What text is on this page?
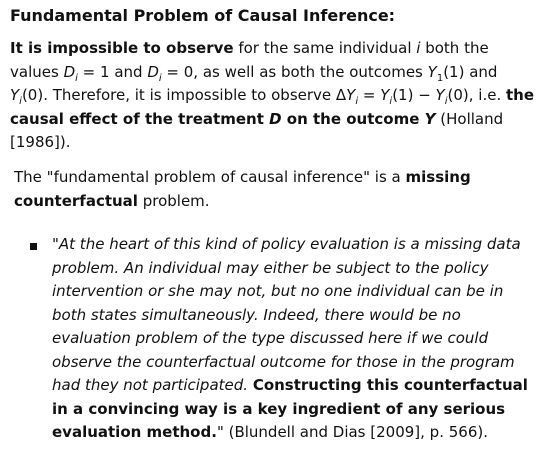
Fundamental Problem of Causal Inference:
It is impossible to observe for the same individual i both the values $D_i = 1$ and $D_i = 0$, as well as both the outcomes $Y_1(1)$ and $Y_i(0)$. Therefore, it is impossible to observe $\Delta Y_i = Y_i(1) - Y_i(0)$, i.e. the causal effect of the treatment D on the outcome Y (Holland [1986]).
The "fundamental problem of causal inference" is a missing counterfactual problem.
"At the heart of this kind of policy evaluation is a missing data problem. An individual may either be subject to the policy intervention or she may not, but no one individual can be in both states simultaneously. Indeed, there would be no evaluation problem of the type discussed here if we could observe the counterfactual outcome for those in the program had they not participated. Constructing this counterfactual in a convincing way is a key ingredient of any serious evaluation method." (Blundell and Dias [2009], p. 566).
